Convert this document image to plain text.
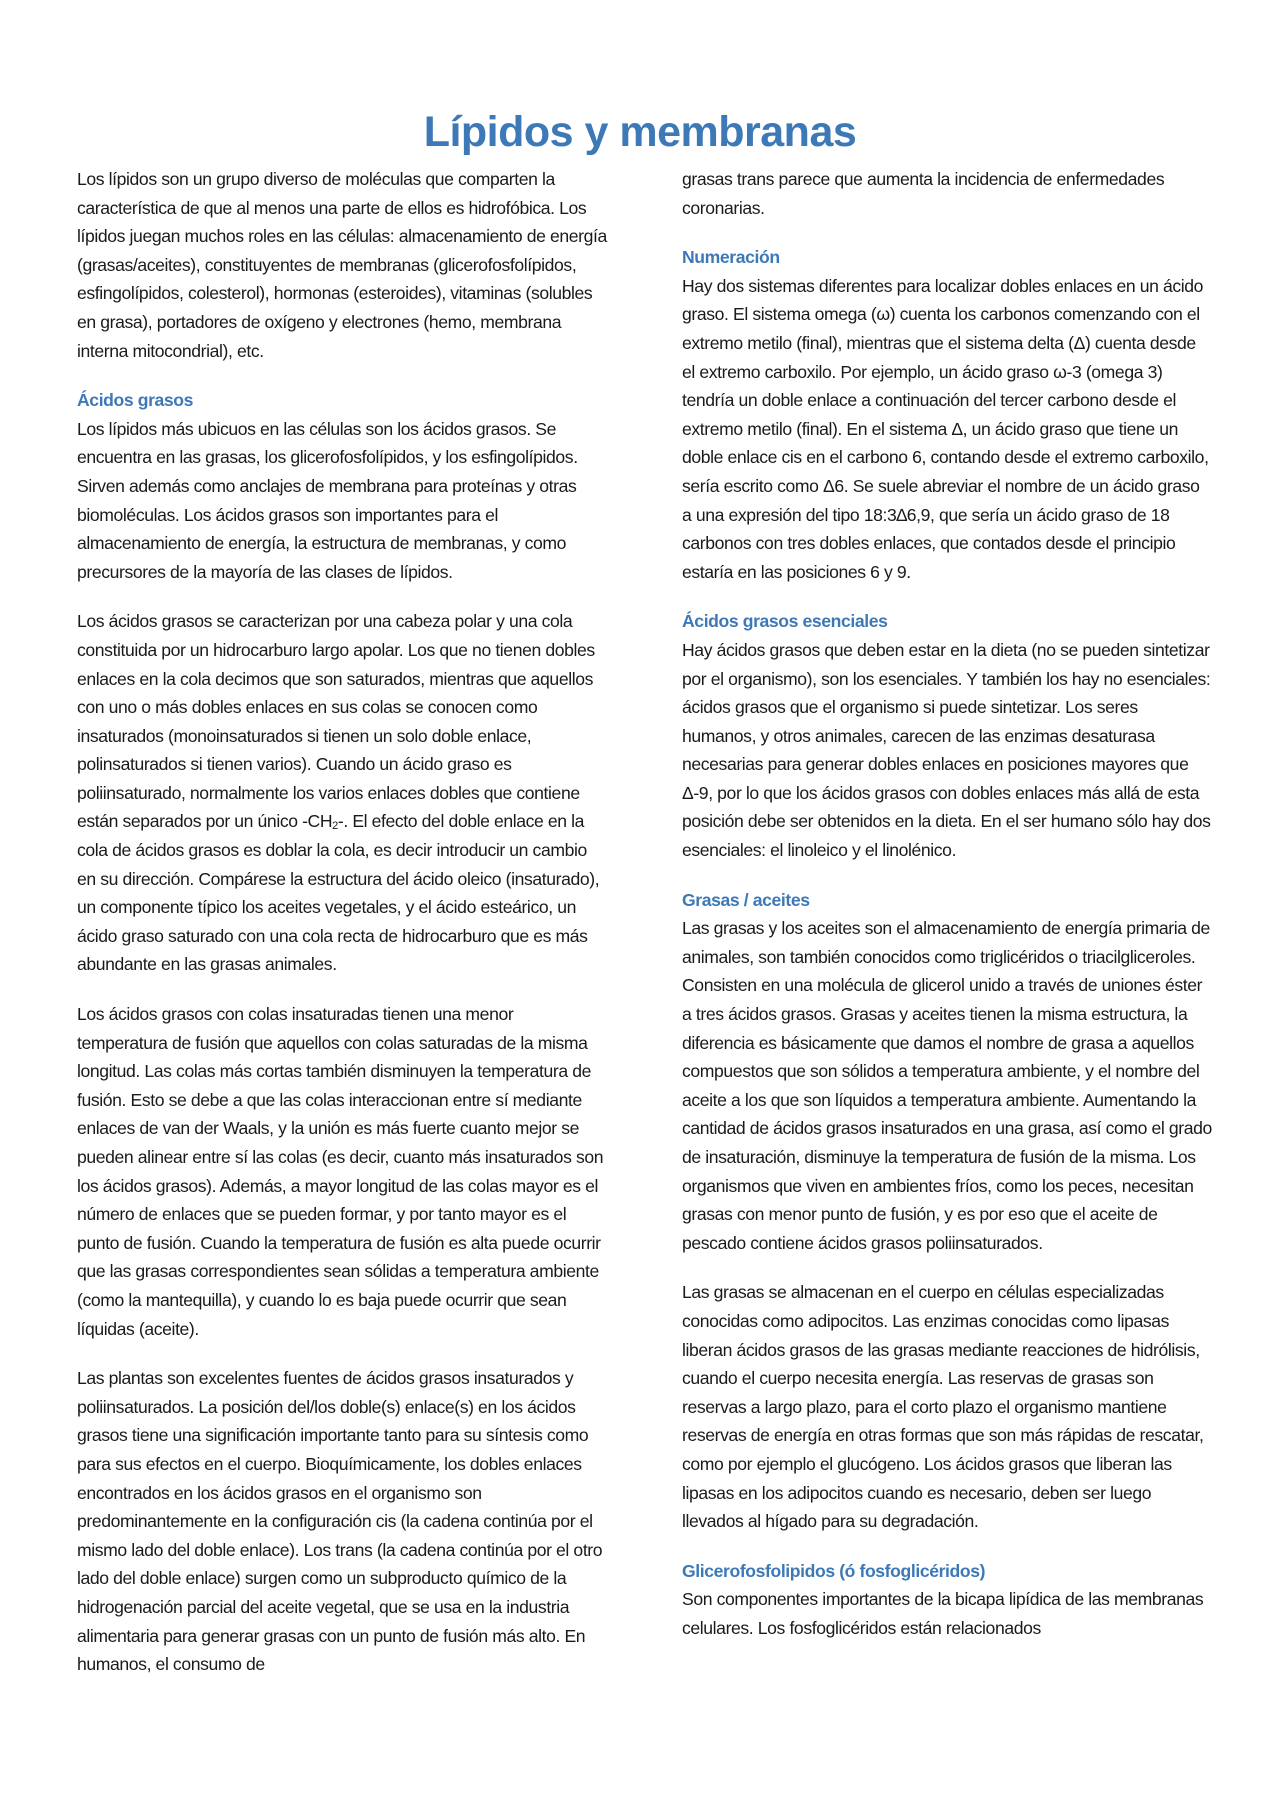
Lípidos y membranas

Los lípidos son un grupo diverso de moléculas que comparten la característica de que al menos una parte de ellos es hidrofóbica. Los lípidos juegan muchos roles en las células: almacenamiento de energía (grasas/aceites), constituyentes de membranas (glicerofosfolípidos, esfingolípidos, colesterol), hormonas (esteroides), vitaminas (solubles en grasa), portadores de oxígeno y electrones (hemo, membrana interna mitocondrial), etc.

Ácidos grasos

Los lípidos más ubicuos en las células son los ácidos grasos. Se encuentra en las grasas, los glicerofosfolípidos, y los esfingolípidos. Sirven además como anclajes de membrana para proteínas y otras biomoléculas. Los ácidos grasos son importantes para el almacenamiento de energía, la estructura de membranas, y como precursores de la mayoría de las clases de lípidos.

Los ácidos grasos se caracterizan por una cabeza polar y una cola constituida por un hidrocarburo largo apolar. Los que no tienen dobles enlaces en la cola decimos que son saturados, mientras que aquellos con uno o más dobles enlaces en sus colas se conocen como insaturados (monoinsaturados si tienen un solo doble enlace, polinsaturados si tienen varios). Cuando un ácido graso es poliinsaturado, normalmente los varios enlaces dobles que contiene están separados por un único $-CH_2-$. El efecto del doble enlace en la cola de ácidos grasos es doblar la cola, es decir introducir un cambio en su dirección. Compárese la estructura del ácido oleico (insaturado), un componente típico los aceites vegetales, y el ácido esteárico, un ácido graso saturado con una cola recta de hidrocarburo que es más abundante en las grasas animales.

Los ácidos grasos con colas insaturadas tienen una menor temperatura de fusión que aquellos con colas saturadas de la misma longitud. Las colas más cortas también disminuyen la temperatura de fusión. Esto se debe a que las colas interaccionan entre sí mediante enlaces de van der Waals, y la unión es más fuerte cuanto mejor se pueden alinear entre sí las colas (es decir, cuanto más insaturados son los ácidos grasos). Además, a mayor longitud de las colas mayor es el número de enlaces que se pueden formar, y por tanto mayor es el punto de fusión. Cuando la temperatura de fusión es alta puede ocurrir que las grasas correspondientes sean sólidas a temperatura ambiente (como la mantequilla), y cuando lo es baja puede ocurrir que sean líquidas (aceite).

Las plantas son excelentes fuentes de ácidos grasos insaturados y poliinsaturados. La posición del/los doble(s) enlace(s) en los ácidos grasos tiene una significación importante tanto para su síntesis como para sus efectos en el cuerpo. Bioquímicamente, los dobles enlaces encontrados en los ácidos grasos en el organismo son predominantemente en la configuración cis (la cadena continúa por el mismo lado del doble enlace). Los trans (la cadena continúa por el otro lado del doble enlace) surgen como un subproducto químico de la hidrogenación parcial del aceite vegetal, que se usa en la industria alimentaria para generar grasas con un punto de fusión más alto. En humanos, el consumo de

grasas trans parece que aumenta la incidencia de enfermedades coronarias.

Numeración

Hay dos sistemas diferentes para localizar dobles enlaces en un ácido graso. El sistema omega (ω) cuenta los carbonos comenzando con el extremo metilo (final), mientras que el sistema delta (Δ) cuenta desde el extremo carboxilo. Por ejemplo, un ácido graso ω-3 (omega 3) tendría un doble enlace a continuación del tercer carbono desde el extremo metilo (final). En el sistema Δ, un ácido graso que tiene un doble enlace cis en el carbono 6, contando desde el extremo carboxilo, sería escrito como Δ6. Se suele abreviar el nombre de un ácido graso a una expresión del tipo 18:3∆6,9, que sería un ácido graso de 18 carbonos con tres dobles enlaces, que contados desde el principio estaría en las posiciones 6 y 9.

Ácidos grasos esenciales

Hay ácidos grasos que deben estar en la dieta (no se pueden sintetizar por el organismo), son los esenciales. Y también los hay no esenciales: ácidos grasos que el organismo si puede sintetizar. Los seres humanos, y otros animales, carecen de las enzimas desaturasa necesarias para generar dobles enlaces en posiciones mayores que Δ-9, por lo que los ácidos grasos con dobles enlaces más allá de esta posición debe ser obtenidos en la dieta. En el ser humano sólo hay dos esenciales: el linoleico y el linolénico.

Grasas / aceites

Las grasas y los aceites son el almacenamiento de energía primaria de animales, son también conocidos como triglicéridos o triacilgliceroles. Consisten en una molécula de glicerol unido a través de uniones éster a tres ácidos grasos. Grasas y aceites tienen la misma estructura, la diferencia es básicamente que damos el nombre de grasa a aquellos compuestos que son sólidos a temperatura ambiente, y el nombre del aceite a los que son líquidos a temperatura ambiente. Aumentando la cantidad de ácidos grasos insaturados en una grasa, así como el grado de insaturación, disminuye la temperatura de fusión de la misma. Los organismos que viven en ambientes fríos, como los peces, necesitan grasas con menor punto de fusión, y es por eso que el aceite de pescado contiene ácidos grasos poliinsaturados.

Las grasas se almacenan en el cuerpo en células especializadas conocidas como adipocitos. Las enzimas conocidas como lipasas liberan ácidos grasos de las grasas mediante reacciones de hidrólisis, cuando el cuerpo necesita energía. Las reservas de grasas son reservas a largo plazo, para el corto plazo el organismo mantiene reservas de energía en otras formas que son más rápidas de rescatar, como por ejemplo el glucógeno. Los ácidos grasos que liberan las lipasas en los adipocitos cuando es necesario, deben ser luego llevados al hígado para su degradación.

Glicerofosfolipidos (ó fosfoglicéridos)

Son componentes importantes de la bicapa lipídica de las membranas celulares. Los fosfoglicéridos están relacionados
